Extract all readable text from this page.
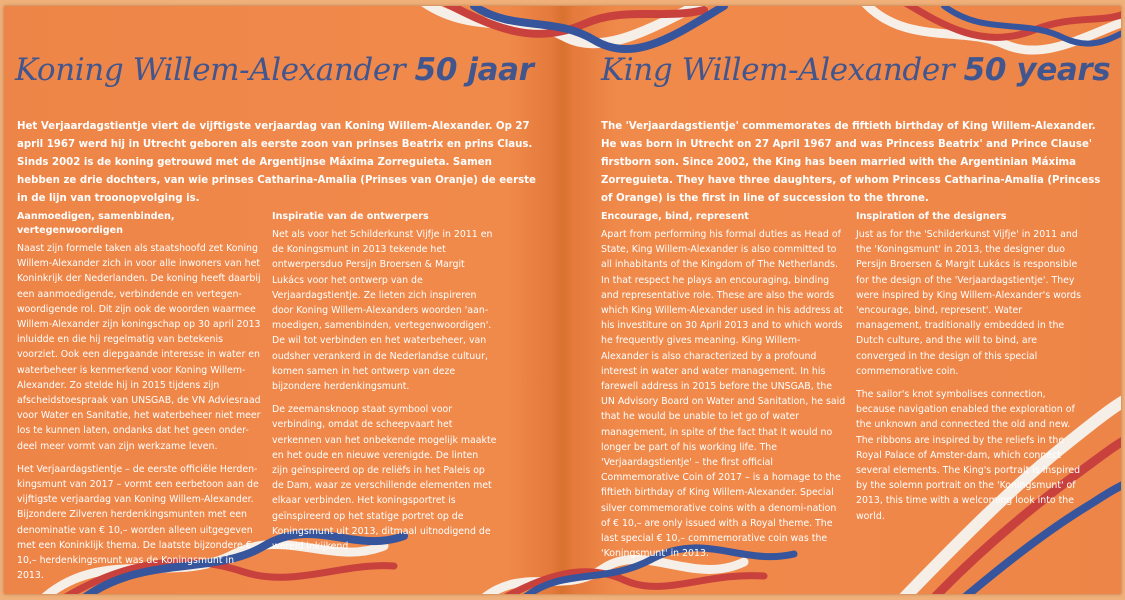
Koning Willem-Alexander 50 jaar

Het Verjaardagstientje viert de vijftigste verjaardag van Koning Willem-Alexander. Op 27 april 1967 werd hij in Utrecht geboren als eerste zoon van prinses Beatrix en prins Claus. Sinds 2002 is de koning getrouwd met de Argentijnse Máxima Zorreguieta. Samen hebben ze drie dochters, van wie prinses Catharina-Amalia (Prinses van Oranje) de eerste in de lijn van troonopvolging is.

Aanmoedigen, samenbinden, vertegenwoordigen

Naast zijn formele taken als staatshoofd zet Koning Willem-Alexander zich in voor alle inwoners van het Koninkrijk der Nederlanden. De koning heeft daarbij een aanmoedigende, verbindende en vertegen-woordigende rol. Dit zijn ook de woorden waarmee Willem-Alexander zijn koningschap op 30 april 2013 inluidde en die hij regelmatig van betekenis voorziet. Ook een diepgaande interesse in water en waterbeheer is kenmerkend voor Koning Willem-Alexander. Zo stelde hij in 2015 tijdens zijn afscheidstoespraak van UNSGAB, de VN Adviesraad voor Water en Sanitatie, het waterbeheer niet meer los te kunnen laten, ondanks dat het geen onder-deel meer vormt van zijn werkzame leven.

Het Verjaardagstientje – de eerste officiële Herden-kingsmunt van 2017 – vormt een eerbetoon aan de vijftigste verjaardag van Koning Willem-Alexander. Bijzondere Zilveren herdenkingsmunten met een denominatie van € 10,– worden alleen uitgegeven met een Koninklijk thema. De laatste bijzondere € 10,– herdenkingsmunt was de Koningsmunt in 2013.

Inspiratie van de ontwerpers

Net als voor het Schilderkunst Vijfje in 2011 en de Koningsmunt in 2013 tekende het ontwerpersduo Persijn Broersen & Margit Lukács voor het ontwerp van de Verjaardagstientje. Ze lieten zich inspireren door Koning Willem-Alexanders woorden 'aan-moedigen, samenbinden, vertegenwoordigen'. De wil tot verbinden en het waterbeheer, van oudsher verankerd in de Nederlandse cultuur, komen samen in het ontwerp van deze bijzondere herdenkingsmunt.

De zeemansknoop staat symbool voor verbinding, omdat de scheepvaart het verkennen van het onbekende mogelijk maakte en het oude en nieuwe verenigde. De linten zijn geïnspireerd op de reliëfs in het Paleis op de Dam, waar ze verschillende elementen met elkaar verbinden. Het koningsportret is geïnspireerd op het statige portret op de Koningsmunt uit 2013, ditmaal uitnodigend de wereld inkijkend.

King Willem-Alexander 50 years

The 'Verjaardagstientje' commemorates de fiftieth birthday of King Willem-Alexander. He was born in Utrecht on 27 April 1967 and was Princess Beatrix' and Prince Clause' firstborn son. Since 2002, the King has been married with the Argentinian Máxima Zorreguieta. They have three daughters, of whom Princess Catharina-Amalia (Princess of Orange) is the first in line of succession to the throne.

Encourage, bind, represent

Apart from performing his formal duties as Head of State, King Willem-Alexander is also committed to all inhabitants of the Kingdom of The Netherlands. In that respect he plays an encouraging, binding and representative role. These are also the words which King Willem-Alexander used in his address at his investiture on 30 April 2013 and to which words he frequently gives meaning. King Willem-Alexander is also characterized by a profound interest in water and water management. In his farewell address in 2015 before the UNSGAB, the UN Advisory Board on Water and Sanitation, he said that he would be unable to let go of water management, in spite of the fact that it would no longer be part of his working life. The 'Verjaardagstientje' – the first official Commemorative Coin of 2017 – is a homage to the fiftieth birthday of King Willem-Alexander. Special silver commemorative coins with a denomi-nation of € 10,– are only issued with a Royal theme. The last special € 10,– commemorative coin was the 'Koningsmunt' in 2013.

Inspiration of the designers

Just as for the 'Schilderkunst Vijfje' in 2011 and the 'Koningsmunt' in 2013, the designer duo Persijn Broersen & Margit Lukács is responsible for the design of the 'Verjaardagstientje'. They were inspired by King Willem-Alexander's words 'encourage, bind, represent'. Water management, traditionally embedded in the Dutch culture, and the will to bind, are converged in the design of this special commemorative coin.

The sailor's knot symbolises connection, because navigation enabled the exploration of the unknown and connected the old and new. The ribbons are inspired by the reliefs in the Royal Palace of Amster-dam, which connect several elements. The King's portrait is inspired by the solemn portrait on the 'Koningsmunt' of 2013, this time with a welcoming look into the world.
